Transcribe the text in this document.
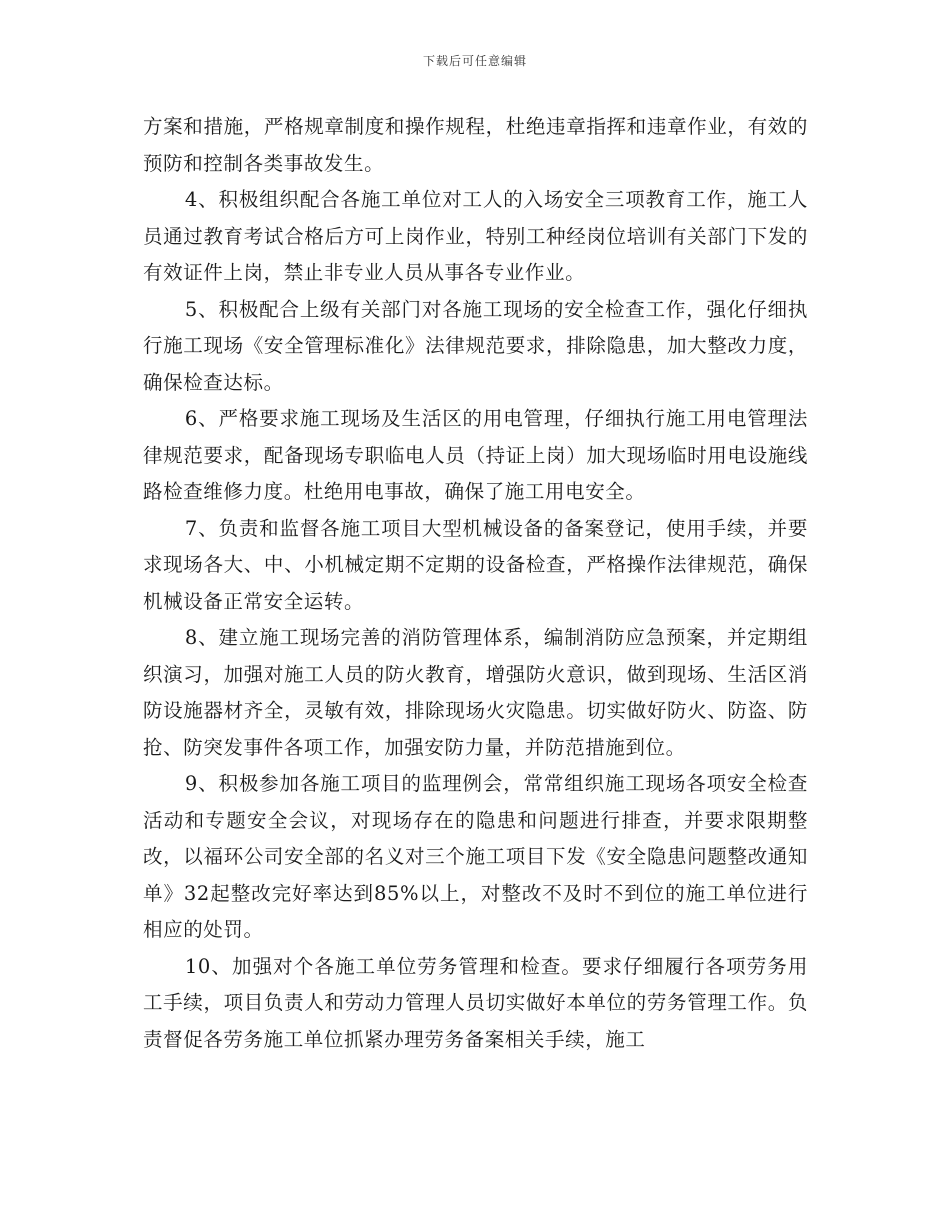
下载后可任意编辑

方案和措施，严格规章制度和操作规程，杜绝违章指挥和违章作业，有效的预防和控制各类事故发生。

4、积极组织配合各施工单位对工人的入场安全三项教育工作，施工人员通过教育考试合格后方可上岗作业，特别工种经岗位培训有关部门下发的有效证件上岗，禁止非专业人员从事各专业作业。

5、积极配合上级有关部门对各施工现场的安全检查工作，强化仔细执行施工现场《安全管理标准化》法律规范要求，排除隐患，加大整改力度，确保检查达标。

6、严格要求施工现场及生活区的用电管理，仔细执行施工用电管理法律规范要求，配备现场专职临电人员（持证上岗）加大现场临时用电设施线路检查维修力度。杜绝用电事故，确保了施工用电安全。

7、负责和监督各施工项目大型机械设备的备案登记，使用手续，并要求现场各大、中、小机械定期不定期的设备检查，严格操作法律规范，确保机械设备正常安全运转。

8、建立施工现场完善的消防管理体系，编制消防应急预案，并定期组织演习，加强对施工人员的防火教育，增强防火意识，做到现场、生活区消防设施器材齐全，灵敏有效，排除现场火灾隐患。切实做好防火、防盗、防抢、防突发事件各项工作，加强安防力量，并防范措施到位。

9、积极参加各施工项目的监理例会，常常组织施工现场各项安全检查活动和专题安全会议，对现场存在的隐患和问题进行排查，并要求限期整改，以福环公司安全部的名义对三个施工项目下发《安全隐患问题整改通知单》32起整改完好率达到85%以上，对整改不及时不到位的施工单位进行相应的处罚。

10、加强对个各施工单位劳务管理和检查。要求仔细履行各项劳务用工手续，项目负责人和劳动力管理人员切实做好本单位的劳务管理工作。负责督促各劳务施工单位抓紧办理劳务备案相关手续，施工
